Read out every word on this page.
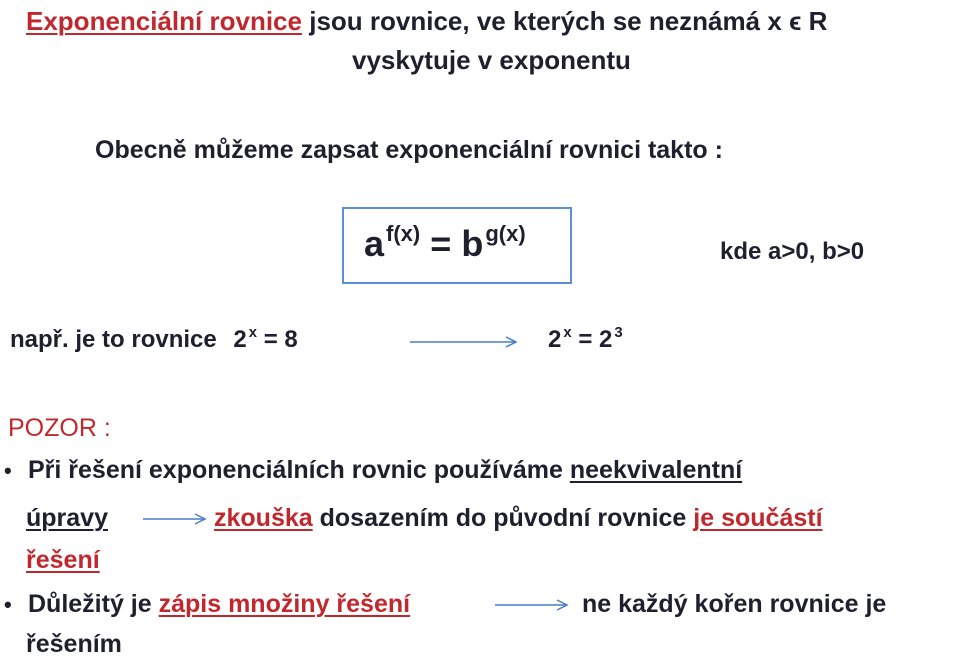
Exponenciální rovnice jsou rovnice, ve kterých se neznámá x ϵ R
vyskytuje v exponentu
Obecně můžeme zapsat exponenciální rovnici takto :
$a^{f(x)} = b^{g(x)}$
kde a>0, b>0
např. je to rovnice 2 $^x$ = 8	2 $^x$ = 2 $^3$
POZOR :
• Při řešení exponenciálních rovnic používáme neekvivalentní
úpravy	zkouška dosazením do původní rovnice je součástí
řešení
• Důležitý je zápis množiny řešení	ne každý kořen rovnice je
řešením
